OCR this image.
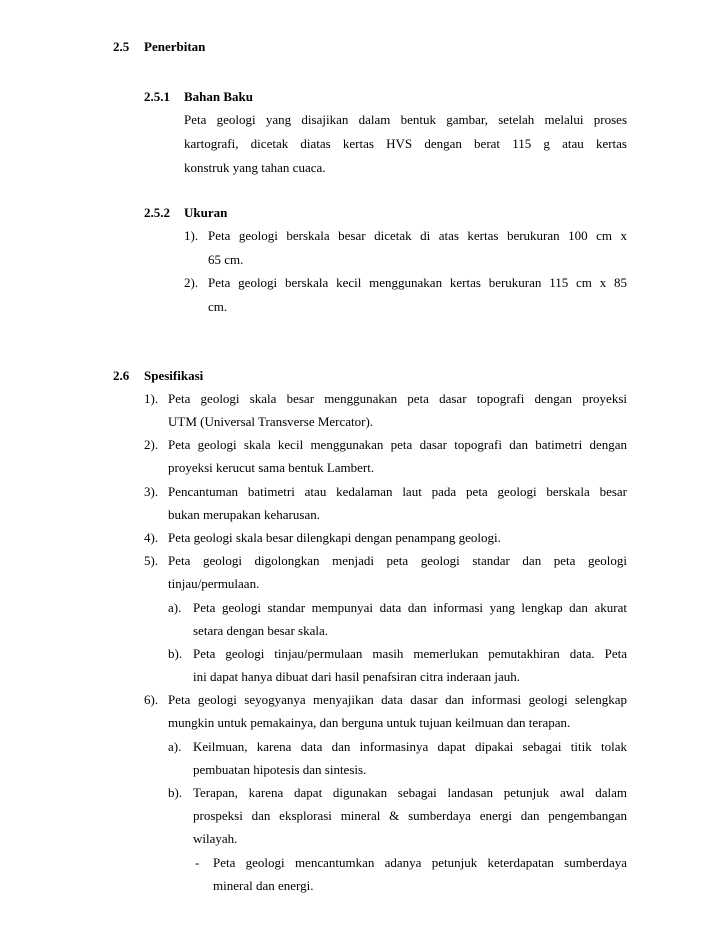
2.5 Penerbitan
2.5.1 Bahan Baku
Peta geologi yang disajikan dalam bentuk gambar, setelah melalui proses
kartografi, dicetak diatas kertas HVS dengan berat 115 g atau kertas
konstruk yang tahan cuaca.
2.5.2 Ukuran
1). Peta geologi berskala besar dicetak di atas kertas berukuran 100 cm x
65 cm.
2). Peta geologi berskala kecil menggunakan kertas berukuran 115 cm x 85
cm.
2.6 Spesifikasi
1). Peta geologi skala besar menggunakan peta dasar topografi dengan proyeksi
UTM (Universal Transverse Mercator).
2). Peta geologi skala kecil menggunakan peta dasar topografi dan batimetri dengan
proyeksi kerucut sama bentuk Lambert.
3). Pencantuman batimetri atau kedalaman laut pada peta geologi berskala besar
bukan merupakan keharusan.
4). Peta geologi skala besar dilengkapi dengan penampang geologi.
5). Peta geologi digolongkan menjadi peta geologi standar dan peta geologi
tinjau/permulaan.
a). Peta geologi standar mempunyai data dan informasi yang lengkap dan akurat
setara dengan besar skala.
b). Peta geologi tinjau/permulaan masih memerlukan pemutakhiran data. Peta
ini dapat hanya dibuat dari hasil penafsiran citra inderaan jauh.
6). Peta geologi seyogyanya menyajikan data dasar dan informasi geologi selengkap
mungkin untuk pemakainya, dan berguna untuk tujuan keilmuan dan terapan.
a). Keilmuan, karena data dan informasinya dapat dipakai sebagai titik tolak
pembuatan hipotesis dan sintesis.
b). Terapan, karena dapat digunakan sebagai landasan petunjuk awal dalam
prospeksi dan eksplorasi mineral & sumberdaya energi dan pengembangan
wilayah.
- Peta geologi mencantumkan adanya petunjuk keterdapatan sumberdaya
mineral dan energi.
